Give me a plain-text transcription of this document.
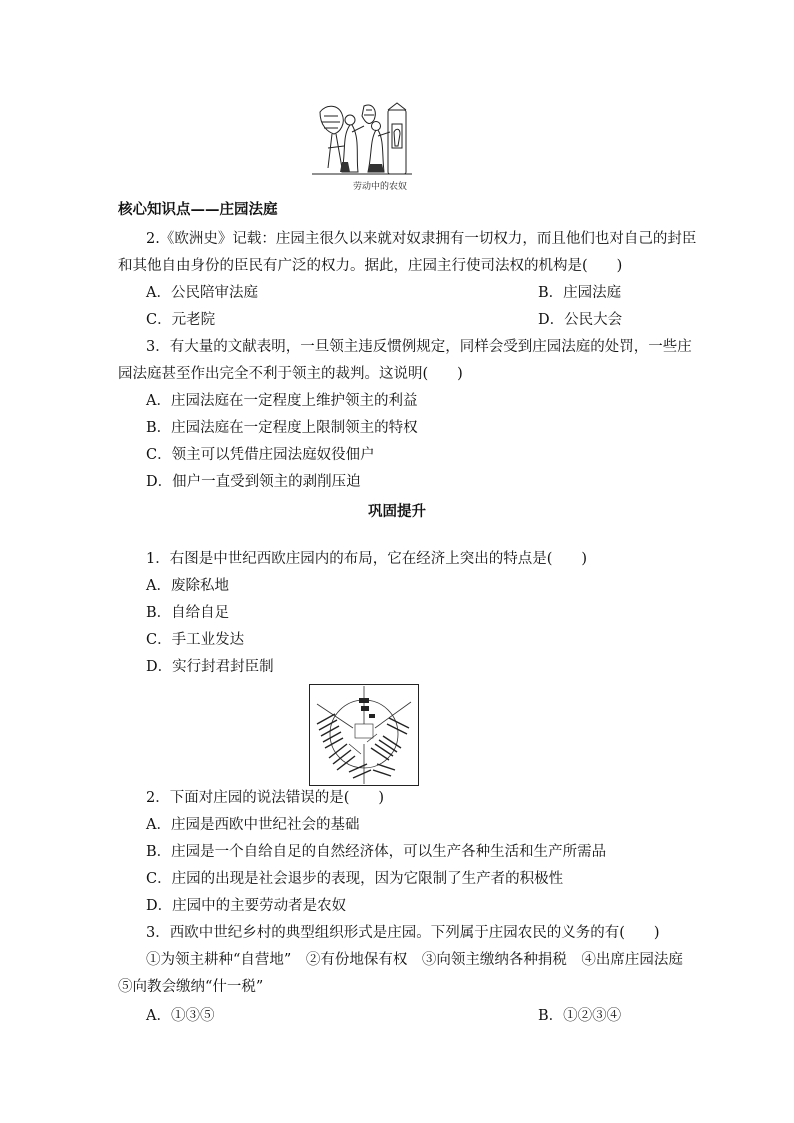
劳动中的农奴
核心知识点——庄园法庭
2.《欧洲史》记载：庄园主很久以来就对奴隶拥有一切权力，而且他们也对自己的封臣
和其他自由身份的臣民有广泛的权力。据此，庄园主行使司法权的机构是(　　)
A．公民陪审法庭	B．庄园法庭
C．元老院	D．公民大会
3．有大量的文献表明，一旦领主违反惯例规定，同样会受到庄园法庭的处罚，一些庄
园法庭甚至作出完全不利于领主的裁判。这说明(　　)
A．庄园法庭在一定程度上维护领主的利益
B．庄园法庭在一定程度上限制领主的特权
C．领主可以凭借庄园法庭奴役佃户
D．佃户一直受到领主的剥削压迫
巩固提升
1．右图是中世纪西欧庄园内的布局，它在经济上突出的特点是(　　)
A．废除私地
B．自给自足
C．手工业发达
D．实行封君封臣制
2．下面对庄园的说法错误的是(　　)
A．庄园是西欧中世纪社会的基础
B．庄园是一个自给自足的自然经济体，可以生产各种生活和生产所需品
C．庄园的出现是社会退步的表现，因为它限制了生产者的积极性
D．庄园中的主要劳动者是农奴
3．西欧中世纪乡村的典型组织形式是庄园。下列属于庄园农民的义务的有(　　)
①为领主耕种“自营地”　②有份地保有权　③向领主缴纳各种捐税　④出席庄园法庭
⑤向教会缴纳“什一税”
A．①③⑤	B．①②③④
